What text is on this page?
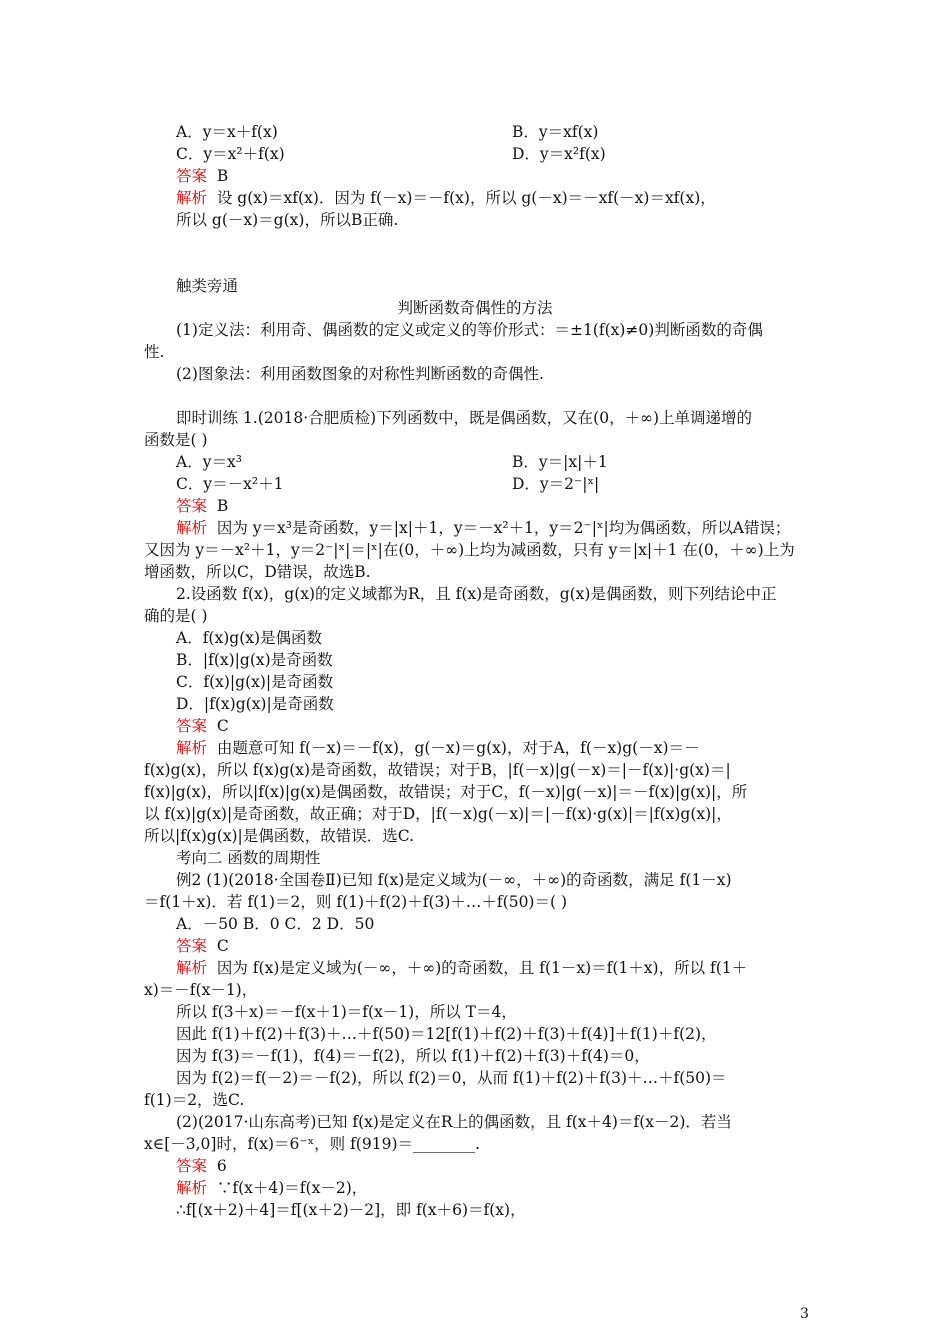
A．y＝x＋f(x)	B．y＝xf(x)
C．y＝x²＋f(x)	D．y＝x²f(x)
答案 B
解析 设 g(x)＝xf(x)．因为 f(－x)＝－f(x)，所以 g(－x)＝－xf(－x)＝xf(x)，
所以 g(－x)＝g(x)，所以B正确.
触类旁通
判断函数奇偶性的方法
(1)定义法：利用奇、偶函数的定义或定义的等价形式：＝±1(f(x)≠0)判断函数的奇偶
性.
(2)图象法：利用函数图象的对称性判断函数的奇偶性.
即时训练 1.(2018·合肥质检)下列函数中，既是偶函数，又在(0，＋∞)上单调递增的
函数是( )
A．y＝x³	B．y＝|x|＋1
C．y＝－x²＋1	D．y＝2⁻|ˣ|
答案 B
解析 因为 y＝x³是奇函数，y＝|x|＋1，y＝－x²＋1，y＝2⁻|ˣ|均为偶函数，所以A错误；
又因为 y＝－x²＋1，y＝2⁻|ˣ|＝|ˣ|在(0，＋∞)上均为减函数，只有 y＝|x|＋1 在(0，＋∞)上为
增函数，所以C，D错误，故选B.
2.设函数 f(x)，g(x)的定义域都为R，且 f(x)是奇函数，g(x)是偶函数，则下列结论中正
确的是( )
A．f(x)g(x)是偶函数
B．|f(x)|g(x)是奇函数
C．f(x)|g(x)|是奇函数
D．|f(x)g(x)|是奇函数
答案 C
解析 由题意可知 f(－x)＝－f(x)，g(－x)＝g(x)，对于A，f(－x)g(－x)＝－
f(x)g(x)，所以 f(x)g(x)是奇函数，故错误；对于B，|f(－x)|g(－x)＝|－f(x)|·g(x)＝|
f(x)|g(x)，所以|f(x)|g(x)是偶函数，故错误；对于C，f(－x)|g(－x)|＝－f(x)|g(x)|，所
以 f(x)|g(x)|是奇函数，故正确；对于D，|f(－x)g(－x)|＝|－f(x)·g(x)|＝|f(x)g(x)|，
所以|f(x)g(x)|是偶函数，故错误．选C.
考向二 函数的周期性
例2 (1)(2018·全国卷Ⅱ)已知 f(x)是定义域为(－∞，＋∞)的奇函数，满足 f(1－x)
＝f(1＋x)．若 f(1)＝2，则 f(1)＋f(2)＋f(3)＋…＋f(50)＝( )
A．－50 B．0 C．2 D．50
答案 C
解析 因为 f(x)是定义域为(－∞，＋∞)的奇函数，且 f(1－x)＝f(1＋x)，所以 f(1＋
x)＝－f(x－1)，
所以 f(3＋x)＝－f(x＋1)＝f(x－1)，所以 T＝4，
因此 f(1)＋f(2)＋f(3)＋…＋f(50)＝12[f(1)＋f(2)＋f(3)＋f(4)]＋f(1)＋f(2)，
因为 f(3)＝－f(1)，f(4)＝－f(2)，所以 f(1)＋f(2)＋f(3)＋f(4)＝0，
因为 f(2)＝f(－2)＝－f(2)，所以 f(2)＝0，从而 f(1)＋f(2)＋f(3)＋…＋f(50)＝
f(1)＝2，选C.
(2)(2017·山东高考)已知 f(x)是定义在R上的偶函数，且 f(x＋4)＝f(x－2)．若当
x∈[－3,0]时，f(x)＝6⁻ˣ，则 f(919)＝________.
答案 6
解析 ∵f(x＋4)＝f(x－2)，
∴f[(x＋2)＋4]＝f[(x＋2)－2]，即 f(x＋6)＝f(x)，
3
